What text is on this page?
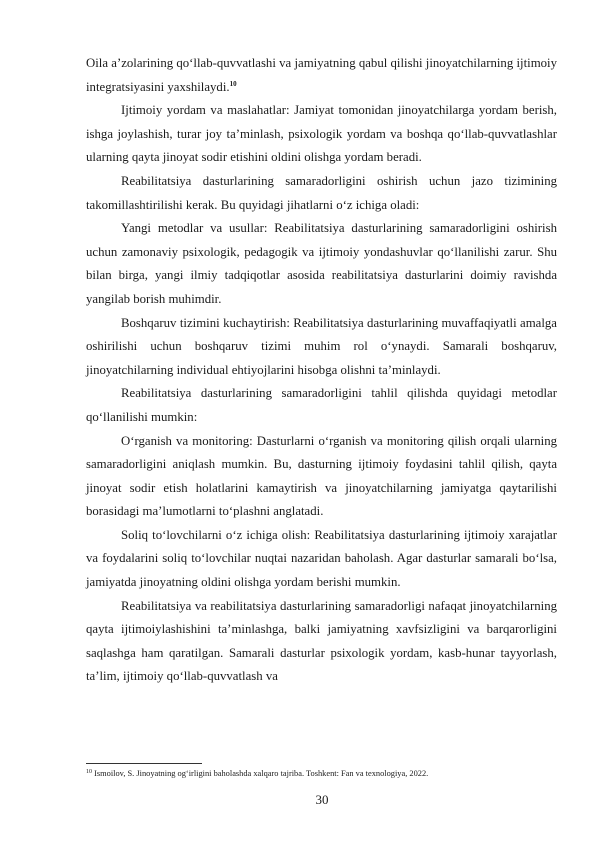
Oila a’zolarining qo‘llab-quvvatlashi va jamiyatning qabul qilishi jinoyatchilarning ijtimoiy integratsiyasini yaxshilaydi.$^{10}$

Ijtimoiy yordam va maslahatlar: Jamiyat tomonidan jinoyatchilarga yordam berish, ishga joylashish, turar joy ta’minlash, psixologik yordam va boshqa qo‘llab-quvvatlashlar ularning qayta jinoyat sodir etishini oldini olishga yordam beradi.

Reabilitatsiya dasturlarining samaradorligini oshirish uchun jazo tizimining takomillashtirilishi kerak. Bu quyidagi jihatlarni o‘z ichiga oladi:

Yangi metodlar va usullar: Reabilitatsiya dasturlarining samaradorligini oshirish uchun zamonaviy psixologik, pedagogik va ijtimoiy yondashuvlar qo‘llanilishi zarur. Shu bilan birga, yangi ilmiy tadqiqotlar asosida reabilitatsiya dasturlarini doimiy ravishda yangilab borish muhimdir.

Boshqaruv tizimini kuchaytirish: Reabilitatsiya dasturlarining muvaffaqiyatli amalga oshirilishi uchun boshqaruv tizimi muhim rol o‘ynaydi. Samarali boshqaruv, jinoyatchilarning individual ehtiyojlarini hisobga olishni ta’minlaydi.

Reabilitatsiya dasturlarining samaradorligini tahlil qilishda quyidagi metodlar qo‘llanilishi mumkin:

O‘rganish va monitoring: Dasturlarni o‘rganish va monitoring qilish orqali ularning samaradorligini aniqlash mumkin. Bu, dasturning ijtimoiy foydasini tahlil qilish, qayta jinoyat sodir etish holatlarini kamaytirish va jinoyatchilarning jamiyatga qaytarilishi borasidagi ma’lumotlarni to‘plashni anglatadi.

Soliq to‘lovchilarni o‘z ichiga olish: Reabilitatsiya dasturlarining ijtimoiy xarajatlar va foydalarini soliq to‘lovchilar nuqtai nazaridan baholash. Agar dasturlar samarali bo‘lsa, jamiyatda jinoyatning oldini olishga yordam berishi mumkin.

Reabilitatsiya va reabilitatsiya dasturlarining samaradorligi nafaqat jinoyatchilarning qayta ijtimoiylashishini ta’minlashga, balki jamiyatning xavfsizligini va barqarorligini saqlashga ham qaratilgan. Samarali dasturlar psixologik yordam, kasb-hunar tayyorlash, ta’lim, ijtimoiy qo‘llab-quvvatlash va

$^{10}$ Ismoilov, S. Jinoyatning og‘irligini baholashda xalqaro tajriba. Toshkent: Fan va texnologiya, 2022.
30
